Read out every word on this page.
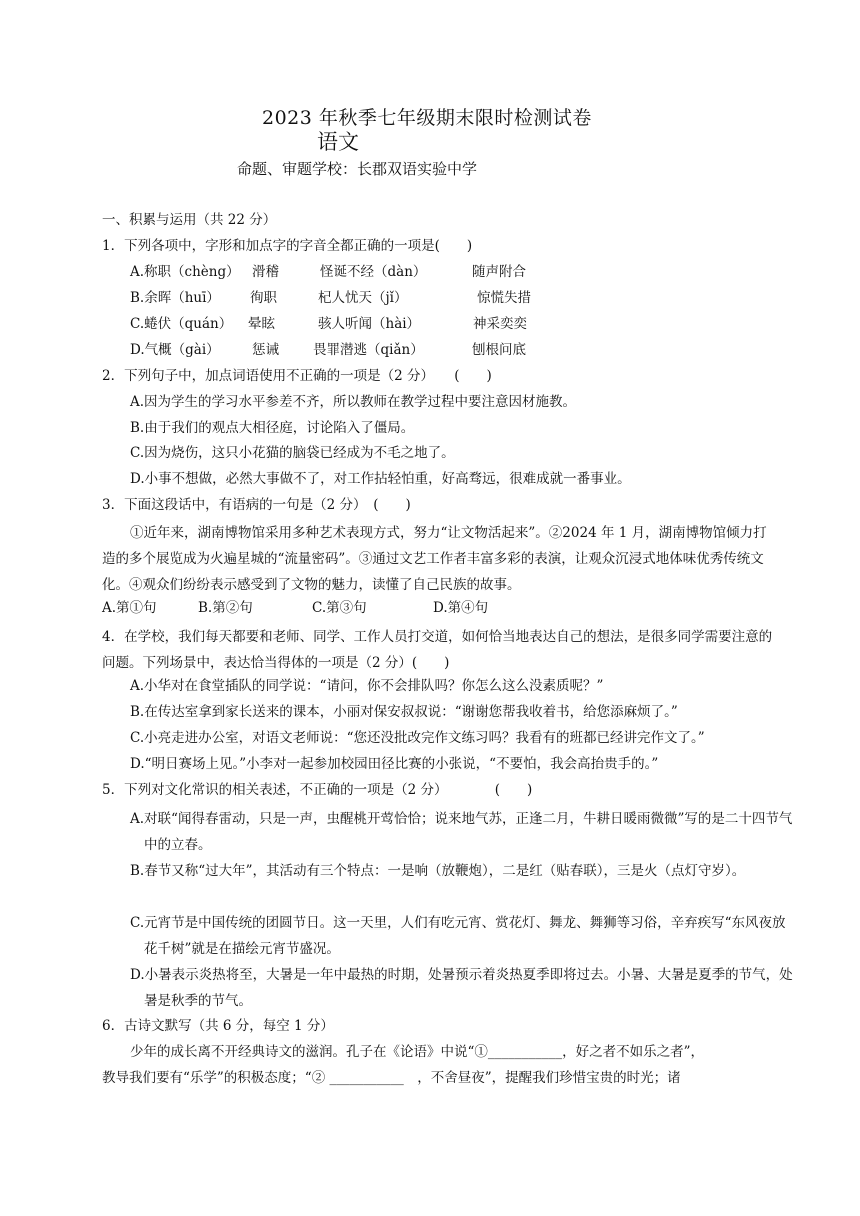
2023 年秋季七年级期末限时检测试卷
语文
命题、审题学校：长郡双语实验中学
一、积累与运用（共 22 分）
1．下列各项中，字形和加点字的字音全都正确的一项是(　　)
A.称职（chèng） 滑稽	怪诞不经（dàn）	随声附合
B.余晖（huī） 徇职	杞人忧天（jǐ）	惊慌失措
C.蜷伏（quán） 晕眩	骇人听闻（hài）	神采奕奕
D.气概（gài） 惩诫	畏罪潜逃（qiǎn）	刨根问底
2．下列句子中，加点词语使用不正确的一项是（2 分）　　(　　)
A.因为学生的学习水平参差不齐，所以教师在教学过程中要注意因材施教。
B.由于我们的观点大相径庭，讨论陷入了僵局。
C.因为烧伤，这只小花猫的脑袋已经成为不毛之地了。
D.小事不想做，必然大事做不了，对工作拈轻怕重，好高骛远，很难成就一番事业。
3．下面这段话中，有语病的一句是（2 分）　(　　)
①近年来，湖南博物馆采用多种艺术表现方式，努力“让文物活起来”。②2024 年 1 月，湖南博物馆倾力打造的多个展览成为火遍星城的“流量密码”。③通过文艺工作者丰富多彩的表演，让观众沉浸式地体味优秀传统文化。④观众们纷纷表示感受到了文物的魅力，读懂了自己民族的故事。
A.第①句	B.第②句	C.第③句	D.第④句
4．在学校，我们每天都要和老师、同学、工作人员打交道，如何恰当地表达自己的想法，是很多同学需要注意的问题。下列场景中，表达恰当得体的一项是（2 分）(　　)
A.小华对在食堂插队的同学说：“请问，你不会排队吗？你怎么这么没素质呢？”
B.在传达室拿到家长送来的课本，小丽对保安叔叔说：“谢谢您帮我收着书，给您添麻烦了。”
C.小亮走进办公室，对语文老师说：“您还没批改完作文练习吗？我看有的班都已经讲完作文了。”
D.“明日赛场上见。”小李对一起参加校园田径比赛的小张说，“不要怕，我会高抬贵手的。”
5．下列对文化常识的相关表述，不正确的一项是（2 分）　　　　(　　)
A.对联“闻得春雷动，只是一声，虫醒桃开莺恰恰；说来地气苏，正逢二月，牛耕日暖雨微微”写的是二十四节气中的立春。
B.春节又称“过大年”，其活动有三个特点：一是响（放鞭炮），二是红（贴春联），三是火（点灯守岁）。
C.元宵节是中国传统的团圆节日。这一天里，人们有吃元宵、赏花灯、舞龙、舞狮等习俗，辛弃疾写“东风夜放花千树”就是在描绘元宵节盛况。
D.小暑表示炎热将至，大暑是一年中最热的时期，处暑预示着炎热夏季即将过去。小暑、大暑是夏季的节气，处暑是秋季的节气。
6．古诗文默写（共 6 分，每空 1 分）
少年的成长离不开经典诗文的滋润。孔子在《论语》中说“①___________，好之者不如乐之者”，
教导我们要有“乐学”的积极态度；“② ___________　，不舍昼夜”，提醒我们珍惜宝贵的时光；诸
